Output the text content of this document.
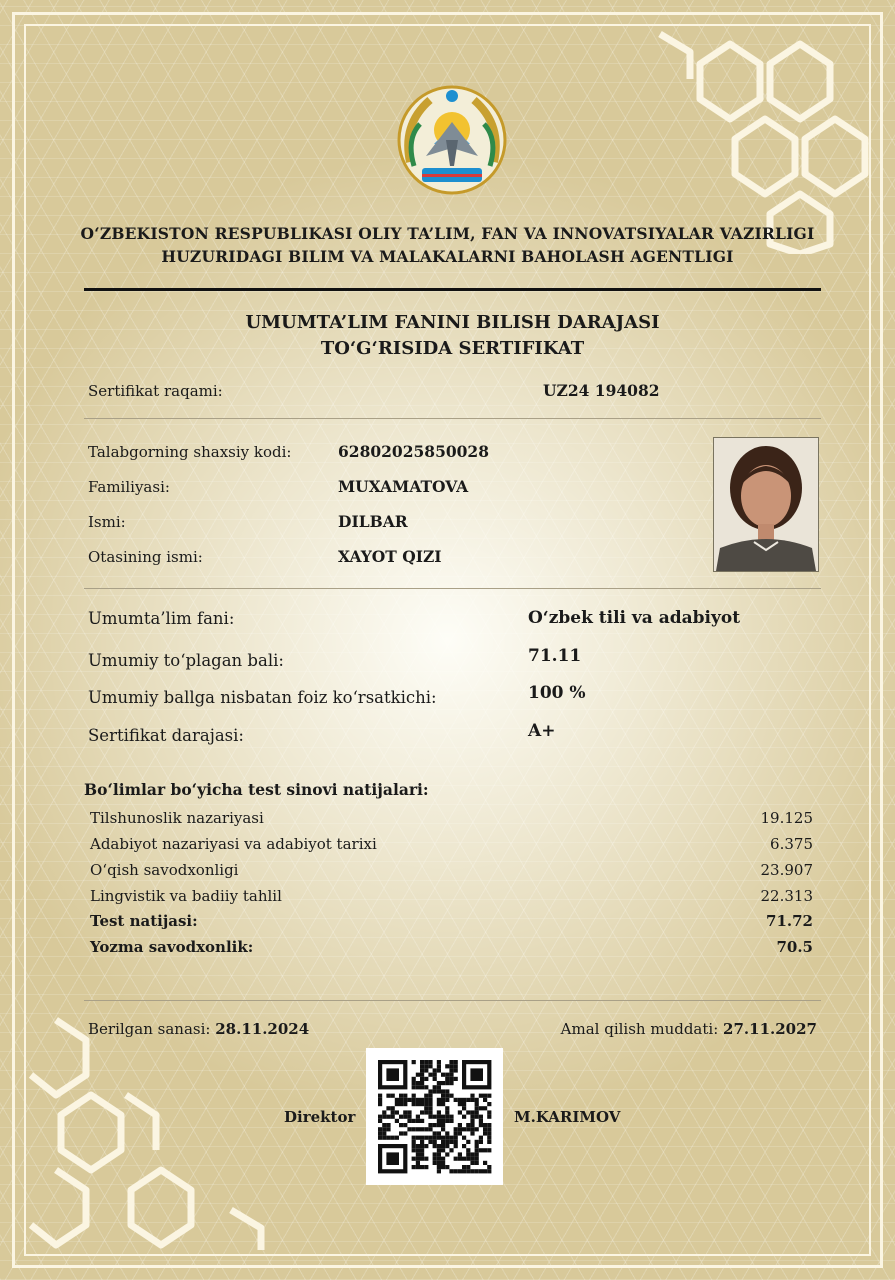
O‘ZBEKISTON RESPUBLIKASI OLIY TA’LIM, FAN VA INNOVATSIYALAR VAZIRLIGI
HUZURIDAGI BILIM VA MALAKALARNI BAHOLASH AGENTLIGI
UMUMTA’LIM FANINI BILISH DARAJASI
TO‘G‘RISIDA SERTIFIKAT
Sertifikat raqami:	UZ24 194082
Talabgorning shaxsiy kodi:	62802025850028
Familiyasi:	MUXAMATOVA
Ismi:	DILBAR
Otasining ismi:	XAYOT QIZI
Umumta’lim fani:	O‘zbek tili va adabiyot
Umumiy to‘plagan bali:	71.11
Umumiy ballga nisbatan foiz ko‘rsatkichi:	100 %
Sertifikat darajasi:	A+
Bo‘limlar bo‘yicha test sinovi natijalari:
Tilshunoslik nazariyasi	19.125
Adabiyot nazariyasi va adabiyot tarixi	6.375
O‘qish savodxonligi	23.907
Lingvistik va badiiy tahlil	22.313
Test natijasi:	71.72
Yozma savodxonlik:	70.5
Berilgan sanasi: 28.11.2024	Amal qilish muddati: 27.11.2027
Direktor	M.KARIMOV
